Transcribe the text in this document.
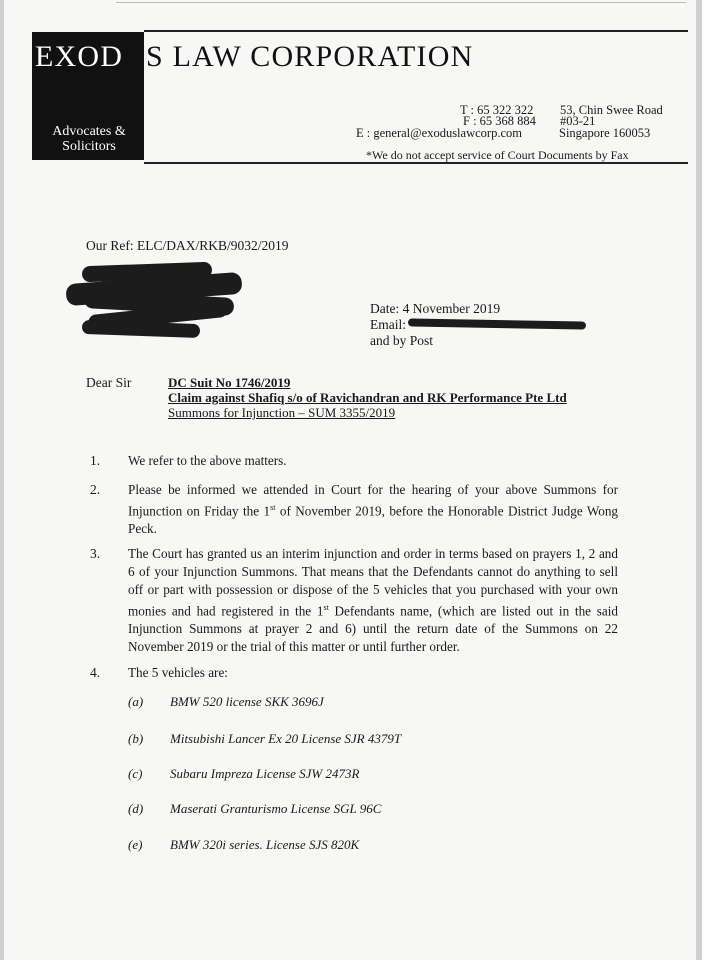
EXODUS LAW CORPORATION
Advocates &
Solicitors
T : 65 322 322
F : 65 368 884
E : general@exoduslawcorp.com
53, Chin Swee Road
#03-21
Singapore 160053
*We do not accept service of Court Documents by Fax
Our Ref: ELC/DAX/RKB/9032/2019
Date: 4 November 2019
Email:
and by Post
Dear Sir	DC Suit No 1746/2019
Claim against Shafiq s/o of Ravichandran and RK Performance Pte Ltd
Summons for Injunction – SUM 3355/2019
1. We refer to the above matters.
2. Please be informed we attended in Court for the hearing of your above Summons for Injunction on Friday the 1st of November 2019, before the Honorable District Judge Wong Peck.
3. The Court has granted us an interim injunction and order in terms based on prayers 1, 2 and 6 of your Injunction Summons. That means that the Defendants cannot do anything to sell off or part with possession or dispose of the 5 vehicles that you purchased with your own monies and had registered in the 1st Defendants name, (which are listed out in the said Injunction Summons at prayer 2 and 6) until the return date of the Summons on 22 November 2019 or the trial of this matter or until further order.
4. The 5 vehicles are:
(a) BMW 520 license SKK 3696J
(b) Mitsubishi Lancer Ex 20 License SJR 4379T
(c) Subaru Impreza License SJW 2473R
(d) Maserati Granturismo License SGL 96C
(e) BMW 320i series. License SJS 820K
